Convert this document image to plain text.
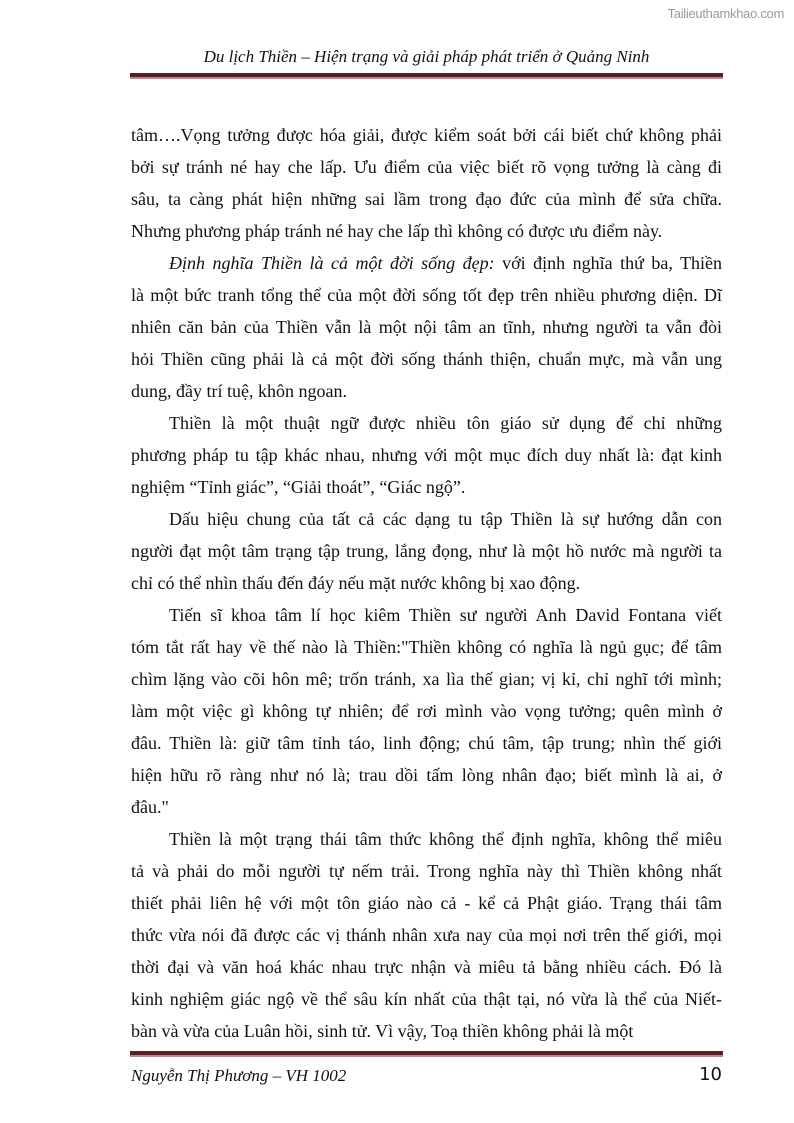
Tailieuthamkhao.com
Du lịch Thiền – Hiện trạng và giải pháp phát triển ở Quảng Ninh
tâm….Vọng tưởng được hóa giải, được kiểm soát bởi cái biết chứ không phải
bởi sự tránh né hay che lấp. Ưu điểm của việc biết rõ vọng tưởng là càng đi
sâu, ta càng phát hiện những sai lầm trong đạo đức của mình để sửa chữa.
Nhưng phương pháp tránh né hay che lấp thì không có được ưu điểm này.
Định nghĩa Thiền là cả một đời sống đẹp: với định nghĩa thứ ba, Thiền
là một bức tranh tổng thể của một đời sống tốt đẹp trên nhiều phương diện. Dĩ
nhiên căn bản của Thiền vẫn là một nội tâm an tĩnh, nhưng người ta vẫn đòi
hỏi Thiền cũng phải là cả một đời sống thánh thiện, chuẩn mực, mà vẫn ung
dung, đầy trí tuệ, khôn ngoan.
Thiền là một thuật ngữ được nhiều tôn giáo sử dụng để chỉ những
phương pháp tu tập khác nhau, nhưng với một mục đích duy nhất là: đạt kinh
nghiệm “Tỉnh giác”, “Giải thoát”, “Giác ngộ”.
Dấu hiệu chung của tất cả các dạng tu tập Thiền là sự hướng dẫn con
người đạt một tâm trạng tập trung, lắng đọng, như là một hồ nước mà người ta
chỉ có thể nhìn thấu đến đáy nếu mặt nước không bị xao động.
Tiến sĩ khoa tâm lí học kiêm Thiền sư người Anh David Fontana viết
tóm tắt rất hay về thế nào là Thiền:"Thiền không có nghĩa là ngủ gục; để tâm
chìm lặng vào cõi hôn mê; trốn tránh, xa lìa thế gian; vị kỉ, chỉ nghĩ tới mình;
làm một việc gì không tự nhiên; để rơi mình vào vọng tưởng; quên mình ở
đâu. Thiền là: giữ tâm tỉnh táo, linh động; chú tâm, tập trung; nhìn thế giới
hiện hữu rõ ràng như nó là; trau dồi tấm lòng nhân đạo; biết mình là ai, ở
đâu."
Thiền là một trạng thái tâm thức không thể định nghĩa, không thể miêu
tả và phải do mỗi người tự nếm trải. Trong nghĩa này thì Thiền không nhất
thiết phải liên hệ với một tôn giáo nào cả - kể cả Phật giáo. Trạng thái tâm
thức vừa nói đã được các vị thánh nhân xưa nay của mọi nơi trên thế giới, mọi
thời đại và văn hoá khác nhau trực nhận và miêu tả bằng nhiều cách. Đó là
kinh nghiệm giác ngộ về thể sâu kín nhất của thật tại, nó vừa là thể của Niết-
bàn và vừa của Luân hồi, sinh tử. Vì vậy, Toạ thiền không phải là một
Nguyễn Thị Phương – VH 1002	10
